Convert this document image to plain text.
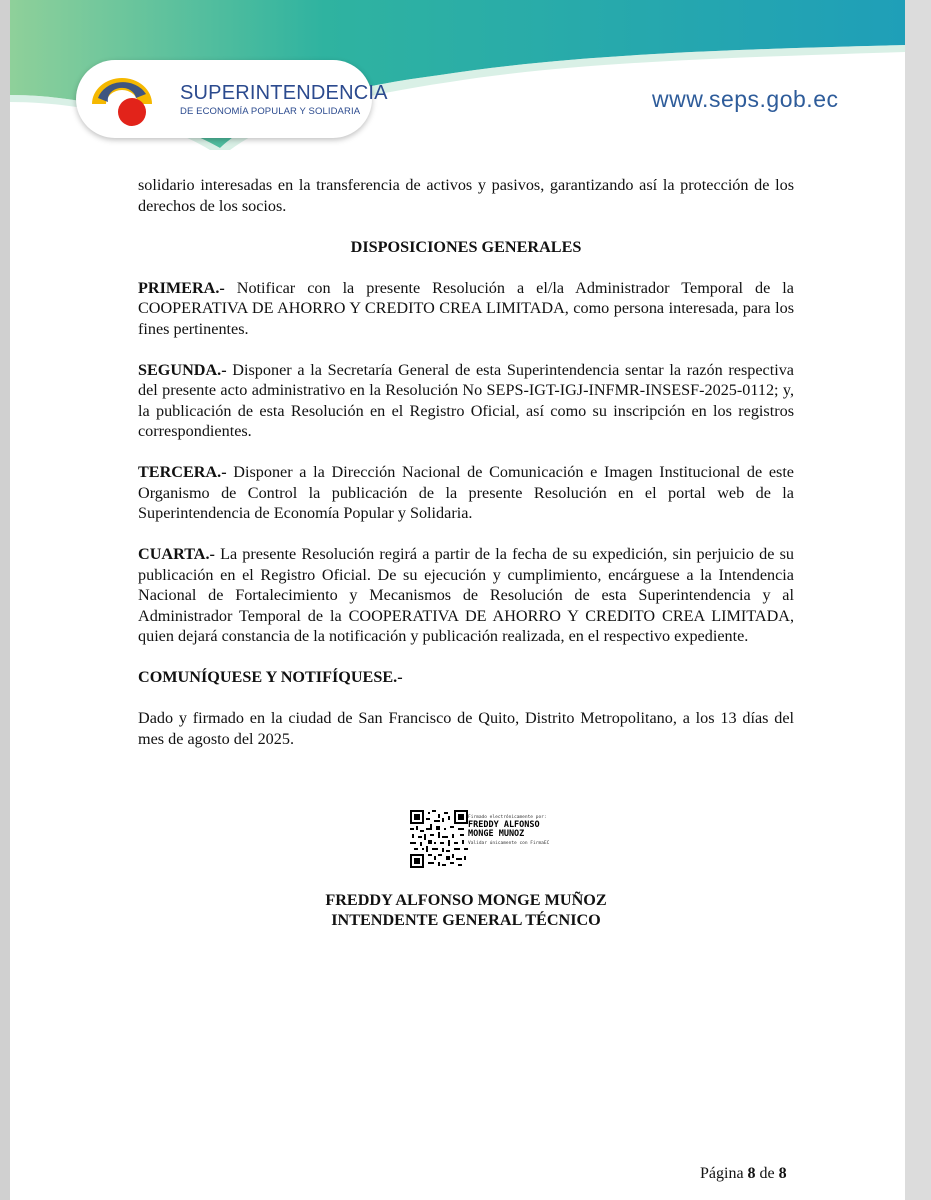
SUPERINTENDENCIA
DE ECONOMÍA POPULAR Y SOLIDARIA	www.seps.gob.ec

solidario interesadas en la transferencia de activos y pasivos, garantizando así la protección de los derechos de los socios.

DISPOSICIONES GENERALES

PRIMERA.- Notificar con la presente Resolución a el/la Administrador Temporal de la COOPERATIVA DE AHORRO Y CREDITO CREA LIMITADA, como persona interesada, para los fines pertinentes.

SEGUNDA.- Disponer a la Secretaría General de esta Superintendencia sentar la razón respectiva del presente acto administrativo en la Resolución No SEPS-IGT-IGJ-INFMR-INSESF-2025-0112; y, la publicación de esta Resolución en el Registro Oficial, así como su inscripción en los registros correspondientes.

TERCERA.- Disponer a la Dirección Nacional de Comunicación e Imagen Institucional de este Organismo de Control la publicación de la presente Resolución en el portal web de la Superintendencia de Economía Popular y Solidaria.

CUARTA.- La presente Resolución regirá a partir de la fecha de su expedición, sin perjuicio de su publicación en el Registro Oficial. De su ejecución y cumplimiento, encárguese a la Intendencia Nacional de Fortalecimiento y Mecanismos de Resolución de esta Superintendencia y al Administrador Temporal de la COOPERATIVA DE AHORRO Y CREDITO CREA LIMITADA, quien dejará constancia de la notificación y publicación realizada, en el respectivo expediente.

COMUNÍQUESE Y NOTIFÍQUESE.-

Dado y firmado en la ciudad de San Francisco de Quito, Distrito Metropolitano, a los 13 días del mes de agosto del 2025.

Firmado electrónicamente por:
FREDDY ALFONSO
MONGE MUNOZ
Validar únicamente con FirmaEC
FREDDY ALFONSO MONGE MUÑOZ
INTENDENTE GENERAL TÉCNICO
Página 8 de 8
